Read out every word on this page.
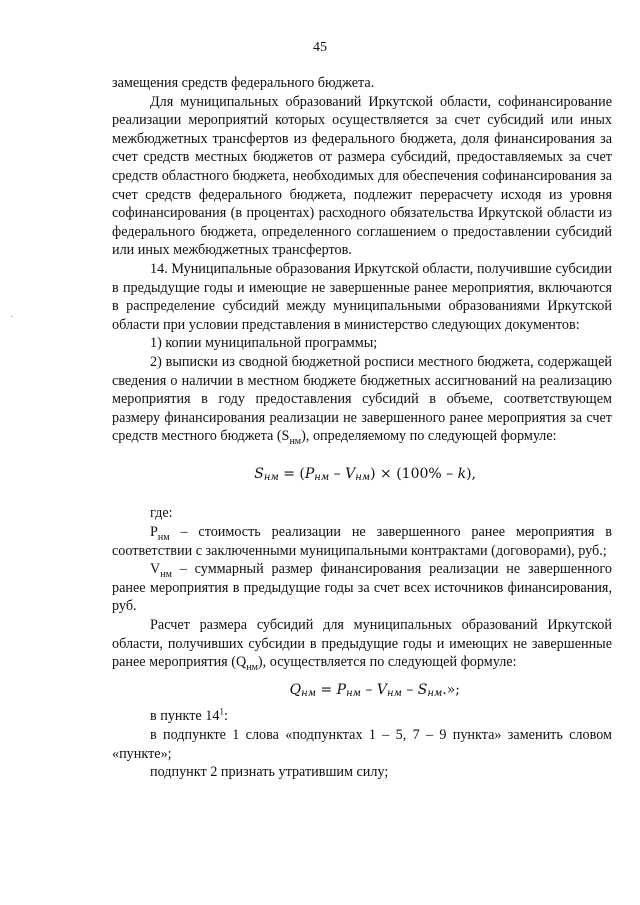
45
·

замещения средств федерального бюджета.

Для муниципальных образований Иркутской области, софинансирование реализации мероприятий которых осуществляется за счет субсидий или иных межбюджетных трансфертов из федерального бюджета, доля финансирования за счет средств местных бюджетов от размера субсидий, предоставляемых за счет средств областного бюджета, необходимых для обеспечения софинансирования за счет средств федерального бюджета, подлежит перерасчету исходя из уровня софинансирования (в процентах) расходного обязательства Иркутской области из федерального бюджета, определенного соглашением о предоставлении субсидий или иных межбюджетных трансфертов.

14. Муниципальные образования Иркутской области, получившие субсидии в предыдущие годы и имеющие не завершенные ранее мероприятия, включаются в распределение субсидий между муниципальными образованиями Иркутской области при условии представления в министерство следующих документов:

1) копии муниципальной программы;

2) выписки из сводной бюджетной росписи местного бюджета, содержащей сведения о наличии в местном бюджете бюджетных ассигнований на реализацию мероприятия в году предоставления субсидий в объеме, соответствующем размеру финансирования реализации не завершенного ранее мероприятия за счет средств местного бюджета $(S_{нм})$, определяемому по следующей формуле:

Sнм = (Pнм – Vнм) × (100% – k),

где:

$P_{нм}$ – стоимость реализации не завершенного ранее мероприятия в соответствии с заключенными муниципальными контрактами (договорами), руб.;

$V_{нм}$ – суммарный размер финансирования реализации не завершенного ранее мероприятия в предыдущие годы за счет всех источников финансирования, руб.

Расчет размера субсидий для муниципальных образований Иркутской области, получивших субсидии в предыдущие годы и имеющих не завершенные ранее мероприятия $(Q_{нм})$, осуществляется по следующей формуле:

Qнм = Pнм – Vнм – Sнм.»;

в пункте $14^1$:

в подпункте 1 слова «подпунктах 1 – 5, 7 – 9 пункта» заменить словом «пункте»;

подпункт 2 признать утратившим силу;
